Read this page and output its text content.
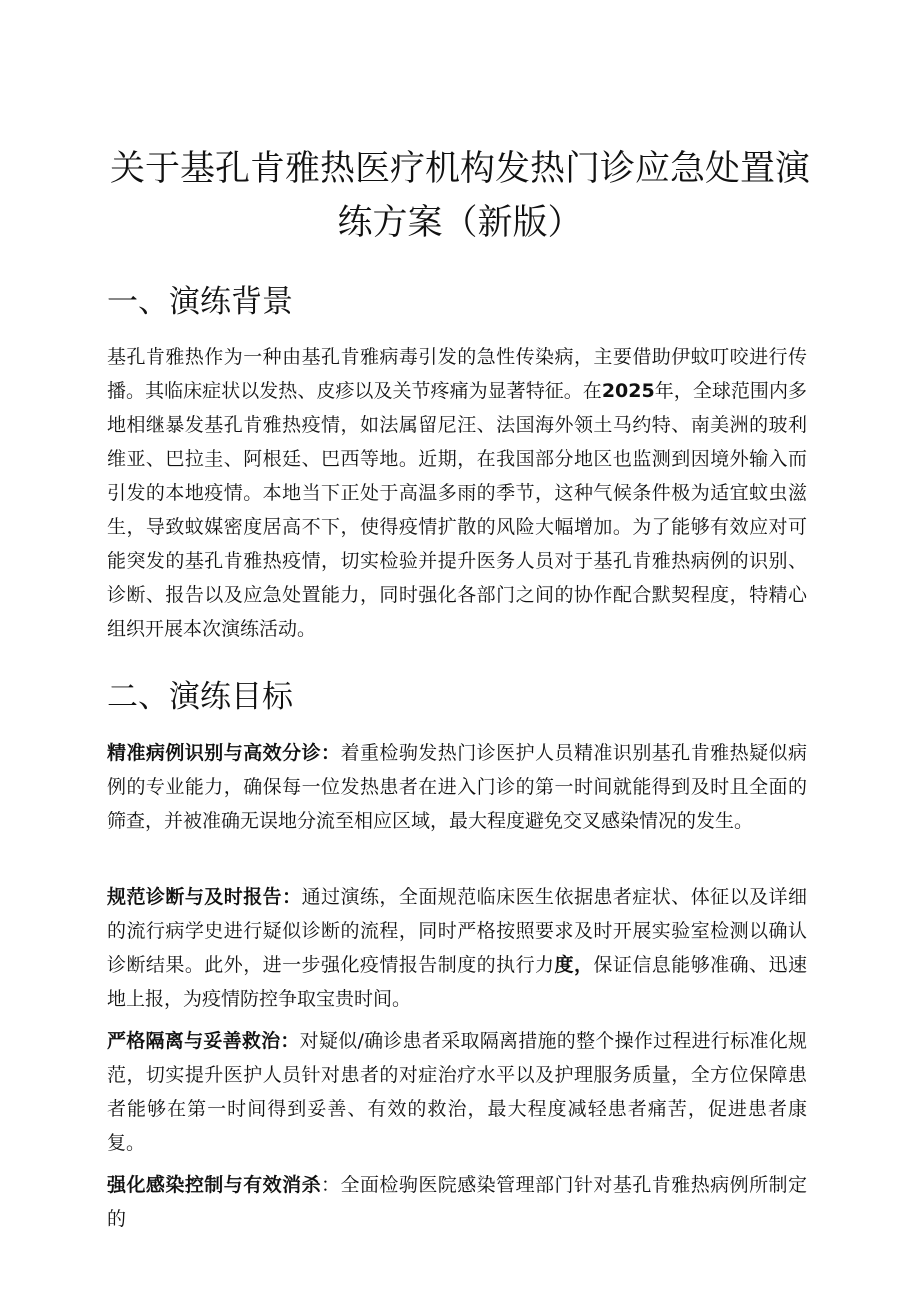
关于基孔肯雅热医疗机构发热门诊应急处置演练方案（新版）
一、演练背景

基孔肯雅热作为一种由基孔肯雅病毒引发的急性传染病，主要借助伊蚊叮咬进行传播。其临床症状以发热、皮疹以及关节疼痛为显著特征。在2025年，全球范围内多地相继暴发基孔肯雅热疫情，如法属留尼汪、法国海外领土马约特、南美洲的玻利维亚、巴拉圭、阿根廷、巴西等地。近期，在我国部分地区也监测到因境外输入而引发的本地疫情。本地当下正处于高温多雨的季节，这种气候条件极为适宜蚊虫滋生，导致蚊媒密度居高不下，使得疫情扩散的风险大幅增加。为了能够有效应对可能突发的基孔肯雅热疫情，切实检验并提升医务人员对于基孔肯雅热病例的识别、诊断、报告以及应急处置能力，同时强化各部门之间的协作配合默契程度，特精心组织开展本次演练活动。

二、演练目标

精准病例识别与高效分诊：着重检驹发热门诊医护人员精准识别基孔肯雅热疑似病例的专业能力，确保每一位发热患者在进入门诊的第一时间就能得到及时且全面的筛查，并被准确无误地分流至相应区域，最大程度避免交叉感染情况的发生。

规范诊断与及时报告：通过演练，全面规范临床医生依据患者症状、体征以及详细的流行病学史进行疑似诊断的流程，同时严格按照要求及时开展实验室检测以确认诊断结果。此外，进一步强化疫情报告制度的执行力度，保证信息能够准确、迅速地上报，为疫情防控争取宝贵时间。

严格隔离与妥善救治：对疑似/确诊患者采取隔离措施的整个操作过程进行标准化规范，切实提升医护人员针对患者的对症治疗水平以及护理服务质量，全方位保障患者能够在第一时间得到妥善、有效的救治，最大程度减轻患者痛苦，促进患者康复。

强化感染控制与有效消杀：全面检驹医院感染管理部门针对基孔肯雅热病例所制定的
